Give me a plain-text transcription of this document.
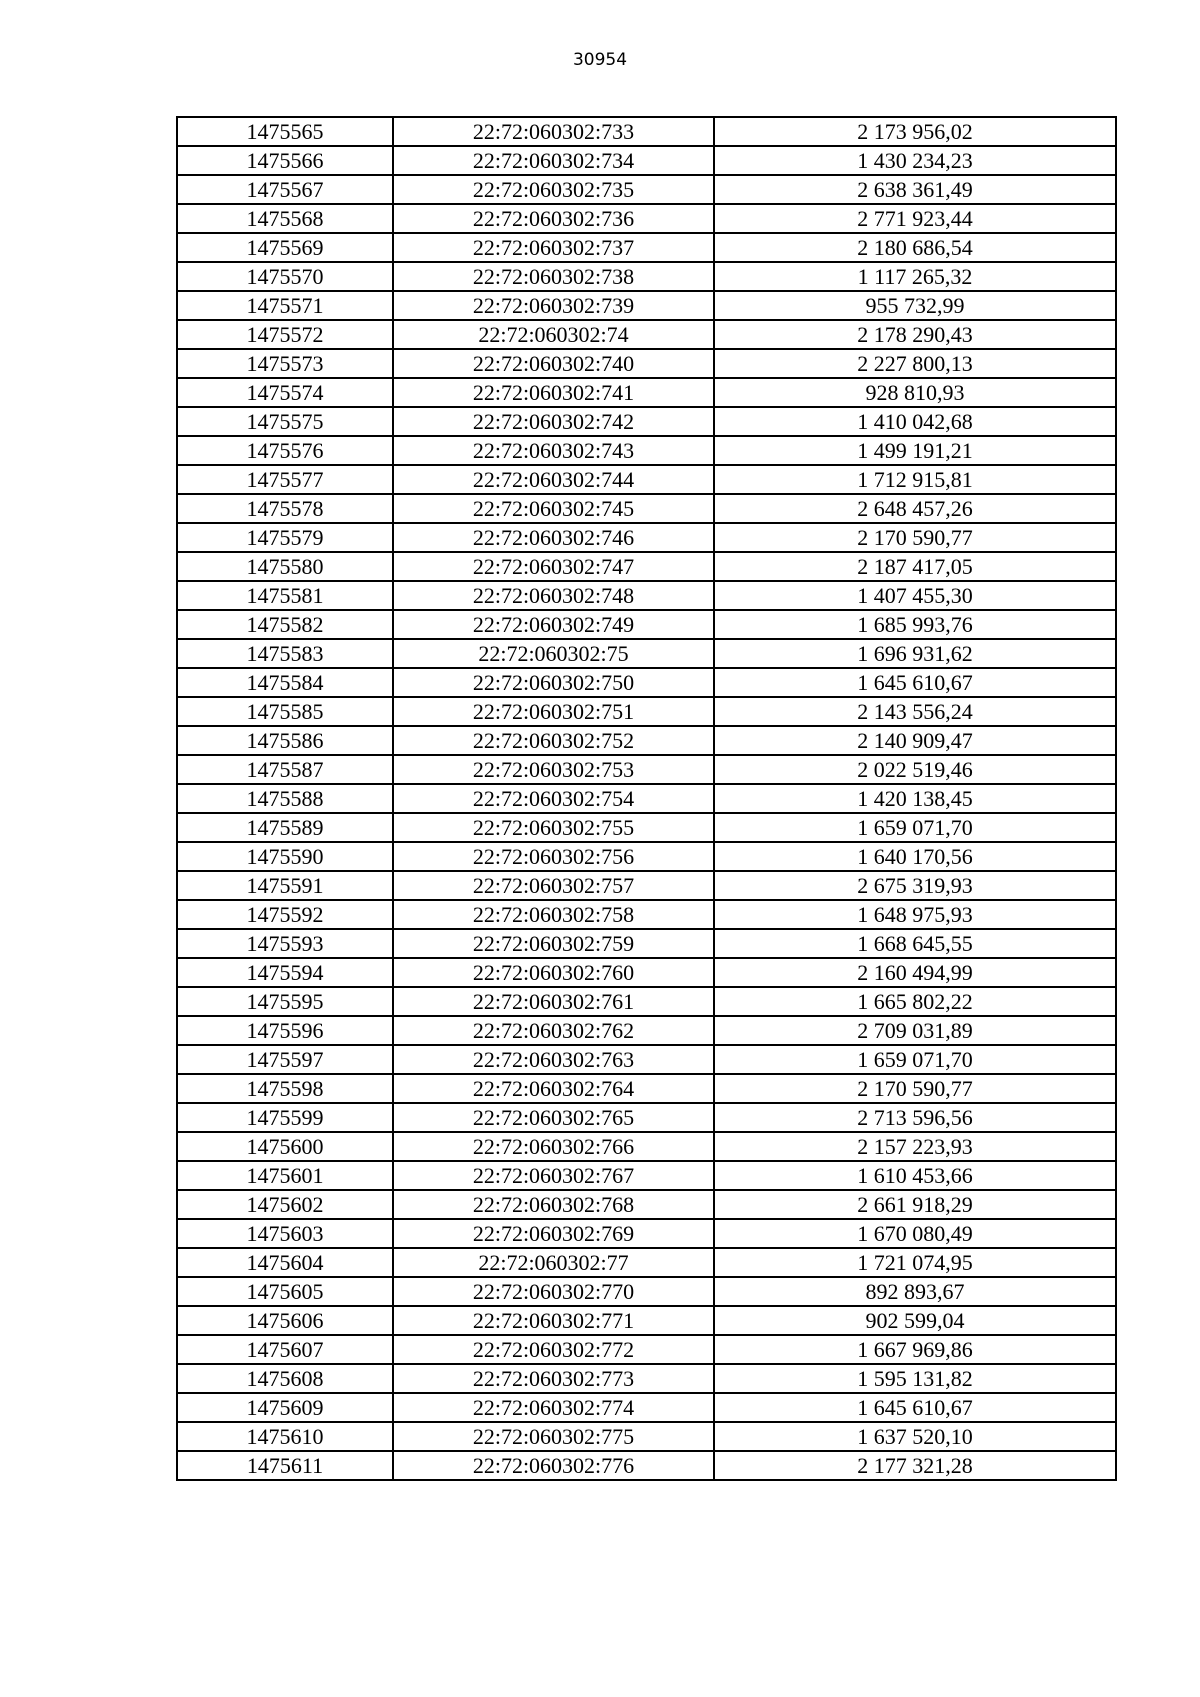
30954
1475565	22:72:060302:733	2 173 956,02
1475566	22:72:060302:734	1 430 234,23
1475567	22:72:060302:735	2 638 361,49
1475568	22:72:060302:736	2 771 923,44
1475569	22:72:060302:737	2 180 686,54
1475570	22:72:060302:738	1 117 265,32
1475571	22:72:060302:739	955 732,99
1475572	22:72:060302:74	2 178 290,43
1475573	22:72:060302:740	2 227 800,13
1475574	22:72:060302:741	928 810,93
1475575	22:72:060302:742	1 410 042,68
1475576	22:72:060302:743	1 499 191,21
1475577	22:72:060302:744	1 712 915,81
1475578	22:72:060302:745	2 648 457,26
1475579	22:72:060302:746	2 170 590,77
1475580	22:72:060302:747	2 187 417,05
1475581	22:72:060302:748	1 407 455,30
1475582	22:72:060302:749	1 685 993,76
1475583	22:72:060302:75	1 696 931,62
1475584	22:72:060302:750	1 645 610,67
1475585	22:72:060302:751	2 143 556,24
1475586	22:72:060302:752	2 140 909,47
1475587	22:72:060302:753	2 022 519,46
1475588	22:72:060302:754	1 420 138,45
1475589	22:72:060302:755	1 659 071,70
1475590	22:72:060302:756	1 640 170,56
1475591	22:72:060302:757	2 675 319,93
1475592	22:72:060302:758	1 648 975,93
1475593	22:72:060302:759	1 668 645,55
1475594	22:72:060302:760	2 160 494,99
1475595	22:72:060302:761	1 665 802,22
1475596	22:72:060302:762	2 709 031,89
1475597	22:72:060302:763	1 659 071,70
1475598	22:72:060302:764	2 170 590,77
1475599	22:72:060302:765	2 713 596,56
1475600	22:72:060302:766	2 157 223,93
1475601	22:72:060302:767	1 610 453,66
1475602	22:72:060302:768	2 661 918,29
1475603	22:72:060302:769	1 670 080,49
1475604	22:72:060302:77	1 721 074,95
1475605	22:72:060302:770	892 893,67
1475606	22:72:060302:771	902 599,04
1475607	22:72:060302:772	1 667 969,86
1475608	22:72:060302:773	1 595 131,82
1475609	22:72:060302:774	1 645 610,67
1475610	22:72:060302:775	1 637 520,10
1475611	22:72:060302:776	2 177 321,28
